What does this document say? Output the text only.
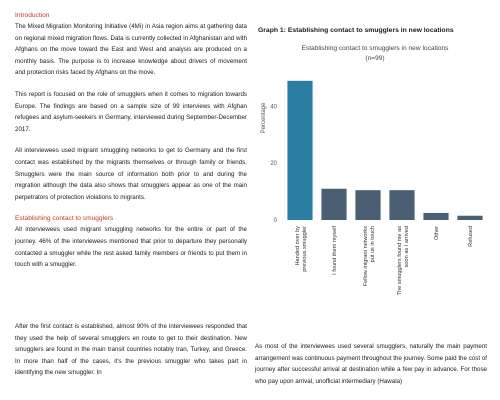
Introduction

The Mixed Migration Monitoring Initiative (4Mi) in Asia region aims at gathering data on regional mixed migration flows. Data is currently collected in Afghanistan and with Afghans on the move toward the East and West and analysis are produced on a monthly basis. The purpose is to increase knowledge about drivers of movement and protection risks faced by Afghans on the move.

This report is focused on the role of smugglers when it comes to migration towards Europe. The findings are based on a sample size of 99 interviews with Afghan refugees and asylum-seekers in Germany, interviewed during September-December 2017.

All interviewees used migrant smuggling networks to get to Germany and the first contact was established by the migrants themselves or through family or friends. Smugglers were the main source of information both prior to and during the migration although the data also shows that smugglers appear as one of the main perpetrators of protection violations to migrants.

Establishing contact to smugglers

All interviewees used migrant smuggling networks for the entire or part of the journey. 46% of the interviewees mentioned that prior to departure they personally contacted a smuggler while the rest asked family members or friends to put them in touch with a smuggler.

Graph 1: Establishing contact to smugglers in new locations
Establishing contact to smugglers in new locations
(n=99)
0
20
40
Percentage
Handed over byprevious smuggler	I found them myself	Fellow migrant networksput us in touch	The smugglers found me assoon as I arrived	Other	Refused

After the first contact is established, almost 90% of the interviewees responded that they used the help of several smugglers en route to get to their destination. New smugglers are found in the main transit countries notably Iran, Turkey, and Greece. In more than half of the cases, it's the previous smuggler who takes part in identifying the new smuggler. In

As most of the interviewees used several smugglers, naturally the main payment arrangement was continuous payment throughout the journey. Some paid the cost of journey after successful arrival at destination while a few pay in advance. For those who pay upon arrival, unofficial intermediary (Hawala)
